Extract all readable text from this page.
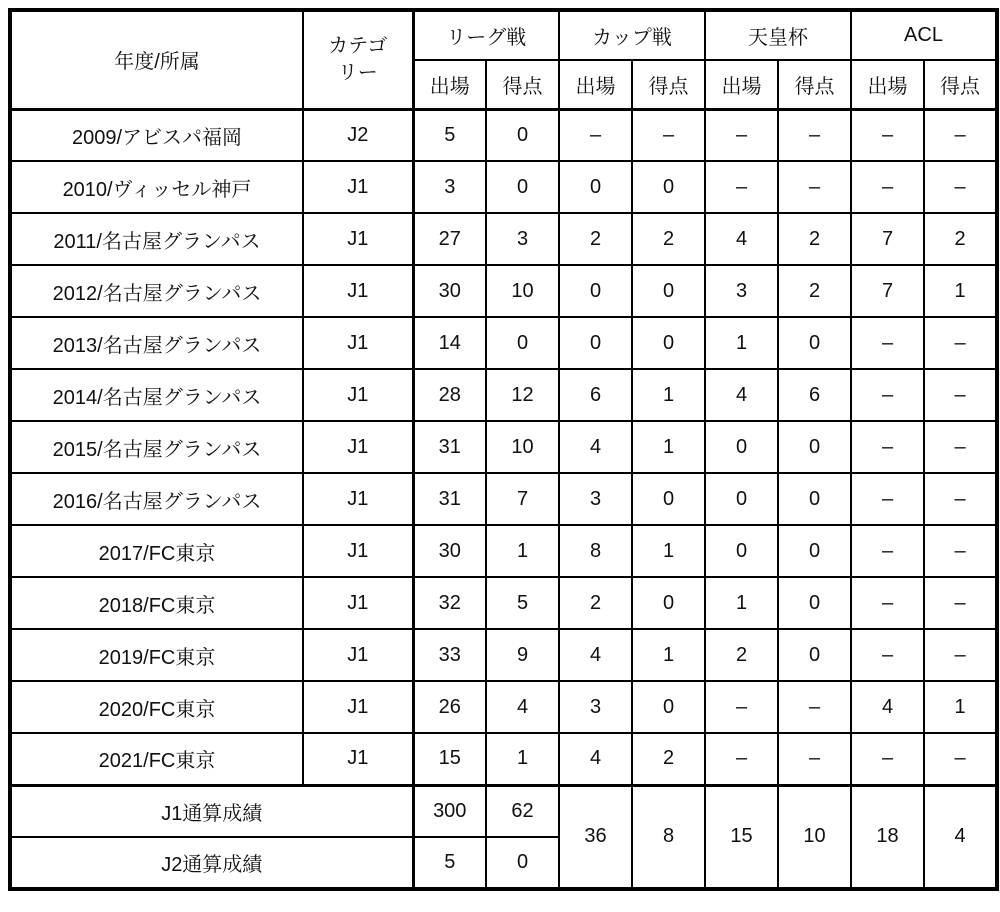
年度/所属	カテゴリー	リーグ戦		カップ戦		天皇杯		ACL	
		出場	得点	出場	得点	出場	得点	出場	得点
2009/アビスパ福岡	J2	5	0	–	–	–	–	–	–
2010/ヴィッセル神戸	J1	3	0	0	0	–	–	–	–
2011/名古屋グランパス	J1	27	3	2	2	4	2	7	2
2012/名古屋グランパス	J1	30	10	0	0	3	2	7	1
2013/名古屋グランパス	J1	14	0	0	0	1	0	–	–
2014/名古屋グランパス	J1	28	12	6	1	4	6	–	–
2015/名古屋グランパス	J1	31	10	4	1	0	0	–	–
2016/名古屋グランパス	J1	31	7	3	0	0	0	–	–
2017/FC東京	J1	30	1	8	1	0	0	–	–
2018/FC東京	J1	32	5	2	0	1	0	–	–
2019/FC東京	J1	33	9	4	1	2	0	–	–
2020/FC東京	J1	26	4	3	0	–	–	4	1
2021/FC東京	J1	15	1	4	2	–	–	–	–
J1通算成績		300	62	36	8	15	10	18	4
J2通算成績		5	0						
